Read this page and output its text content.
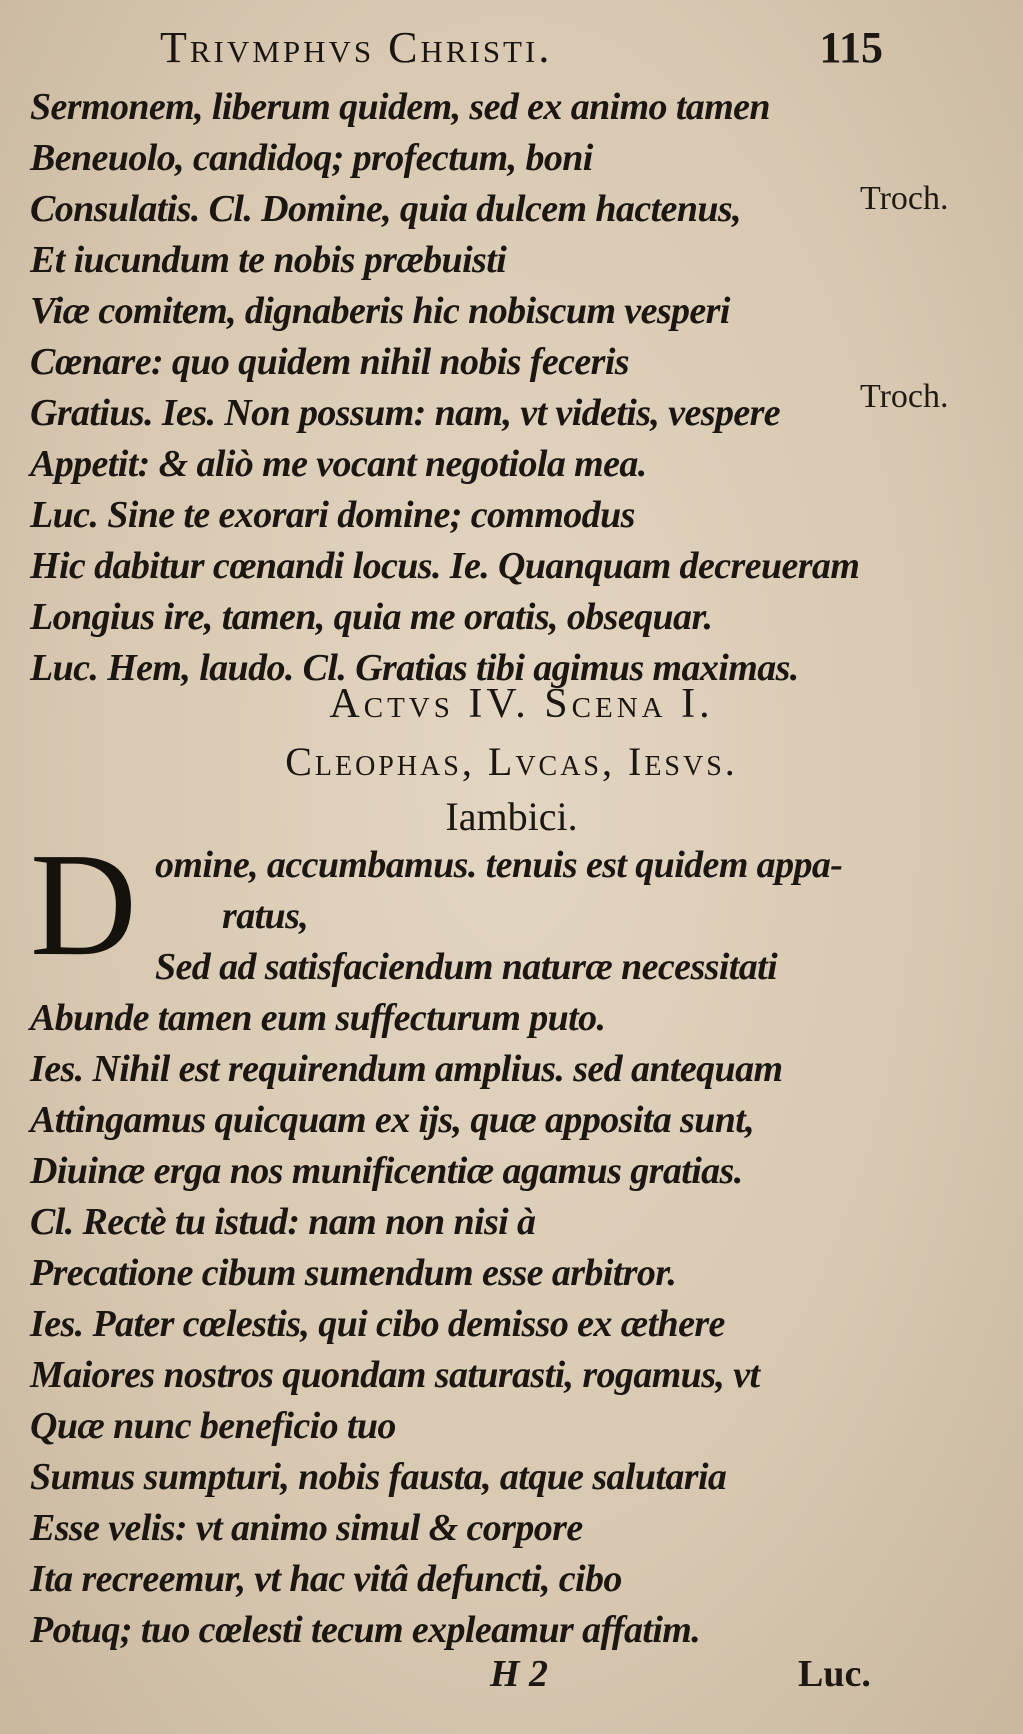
Trivmphvs Christi.	115
Sermonem, liberum quidem, sed ex animo tamen
Beneuolo, candidoq; profectum, boni
Consulatis. Cl. Domine, quia dulcem hactenus,
Et iucundum te nobis præbuisti
Viæ comitem, dignaberis hic nobiscum vesperi
Cœnare: quo quidem nihil nobis feceris
Gratius. Ies. Non possum: nam, vt videtis, vespere
Appetit: & aliò me vocant negotiola mea.
Luc. Sine te exorari domine; commodus
Hic dabitur cœnandi locus. Ie. Quanquam decreueram
Longius ire, tamen, quia me oratis, obsequar.
Luc. Hem, laudo. Cl. Gratias tibi agimus maximas.
Troch.
Troch.
Actvs IV. Scena I.
Cleophas, Lvcas, Iesvs.
Iambici.
D omine, accumbamus. tenuis est quidem appa-
ratus,
Sed ad satisfaciendum naturæ necessitati
Abunde tamen eum suffecturum puto.
Ies. Nihil est requirendum amplius. sed antequam
Attingamus quicquam ex ijs, quæ apposita sunt,
Diuinæ erga nos munificentiæ agamus gratias.
Cl. Rectè tu istud: nam non nisi à
Precatione cibum sumendum esse arbitror.
Ies. Pater cœlestis, qui cibo demisso ex æthere
Maiores nostros quondam saturasti, rogamus, vt
Quæ nunc beneficio tuo
Sumus sumpturi, nobis fausta, atque salutaria
Esse velis: vt animo simul & corpore
Ita recreemur, vt hac vitâ defuncti, cibo
Potuq; tuo cœlesti tecum expleamur affatim.
H 2	Luc.
